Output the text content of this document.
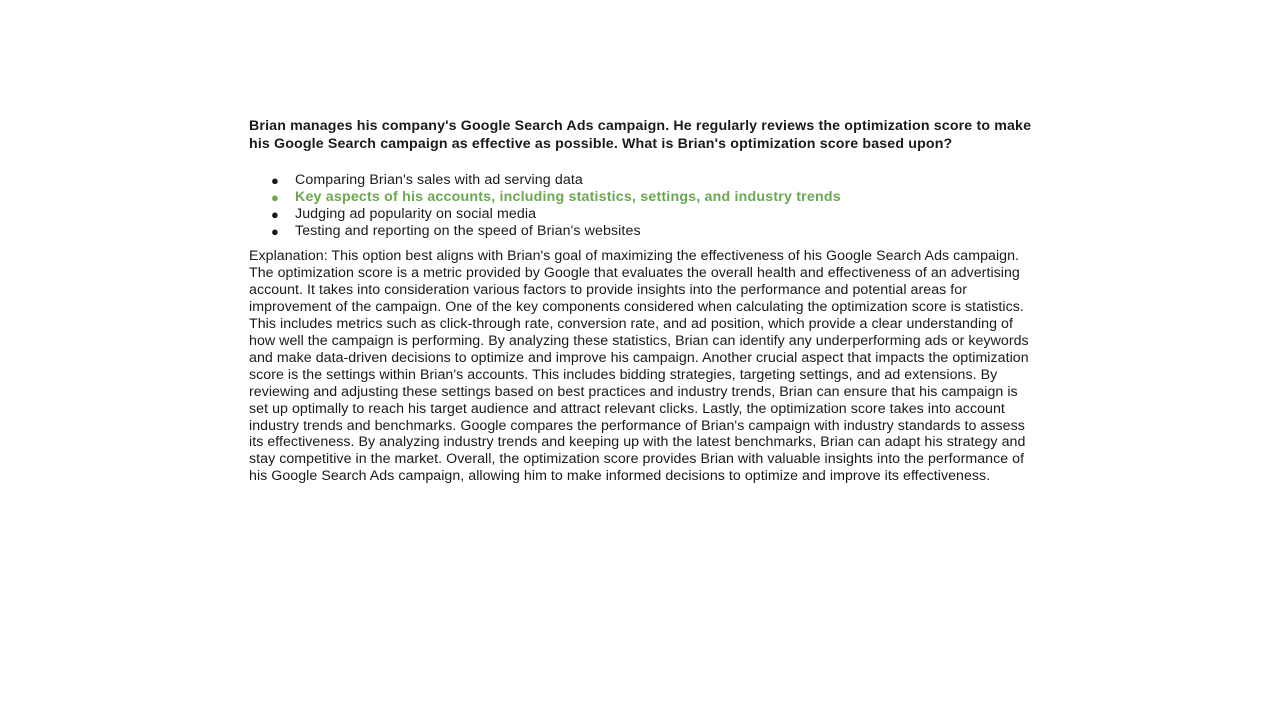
Brian manages his company's Google Search Ads campaign. He regularly reviews the optimization score to make his Google Search campaign as effective as possible. What is Brian's optimization score based upon?

● Comparing Brian's sales with ad serving data
● Key aspects of his accounts, including statistics, settings, and industry trends
● Judging ad popularity on social media
● Testing and reporting on the speed of Brian's websites

Explanation: This option best aligns with Brian's goal of maximizing the effectiveness of his Google Search Ads campaign. The optimization score is a metric provided by Google that evaluates the overall health and effectiveness of an advertising account. It takes into consideration various factors to provide insights into the performance and potential areas for improvement of the campaign. One of the key components considered when calculating the optimization score is statistics. This includes metrics such as click-through rate, conversion rate, and ad position, which provide a clear understanding of how well the campaign is performing. By analyzing these statistics, Brian can identify any underperforming ads or keywords and make data-driven decisions to optimize and improve his campaign. Another crucial aspect that impacts the optimization score is the settings within Brian's accounts. This includes bidding strategies, targeting settings, and ad extensions. By reviewing and adjusting these settings based on best practices and industry trends, Brian can ensure that his campaign is set up optimally to reach his target audience and attract relevant clicks. Lastly, the optimization score takes into account industry trends and benchmarks. Google compares the performance of Brian's campaign with industry standards to assess its effectiveness. By analyzing industry trends and keeping up with the latest benchmarks, Brian can adapt his strategy and stay competitive in the market. Overall, the optimization score provides Brian with valuable insights into the performance of his Google Search Ads campaign, allowing him to make informed decisions to optimize and improve its effectiveness.
